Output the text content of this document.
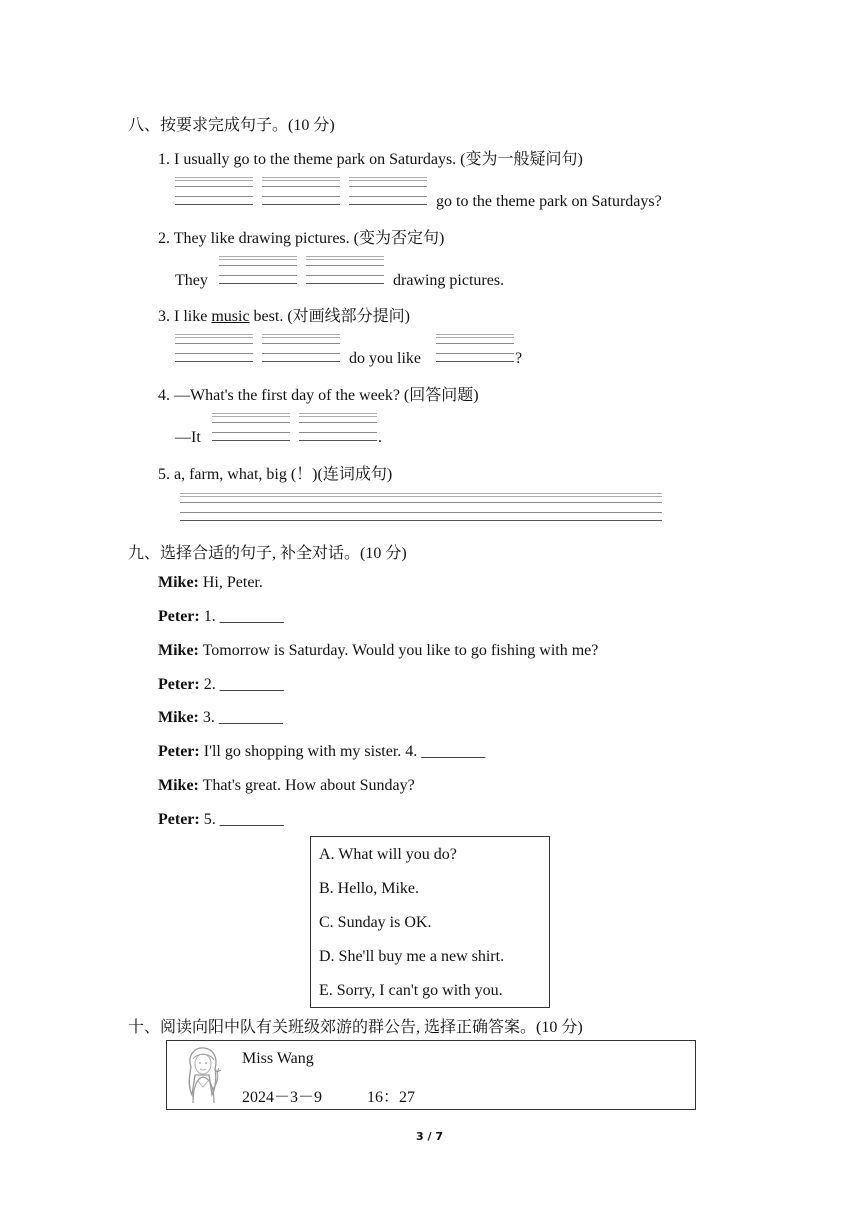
八、按要求完成句子。(10 分)
1. I usually go to the theme park on Saturdays. (变为一般疑问句)
go to the theme park on Saturdays?
2. They like drawing pictures. (变为否定句)
They	drawing pictures.
3. I like music best. (对画线部分提问)
do you like	?
4. —What's the first day of the week? (回答问题)
—It	.
5. a, farm, what, big (！)(连词成句)
九、选择合适的句子, 补全对话。(10 分)
Mike: Hi, Peter.
Peter: 1. ________
Mike: Tomorrow is Saturday. Would you like to go fishing with me?
Peter: 2. ________
Mike: 3. ________
Peter: I'll go shopping with my sister. 4. ________
Mike: That's great. How about Sunday?
Peter: 5. ________
A. What will you do?
B. Hello, Mike.
C. Sunday is OK.
D. She'll buy me a new shirt.
E. Sorry, I can't go with you.
十、阅读向阳中队有关班级郊游的群公告, 选择正确答案。(10 分)
Miss Wang
2024－3－9	16：27
3 / 7
